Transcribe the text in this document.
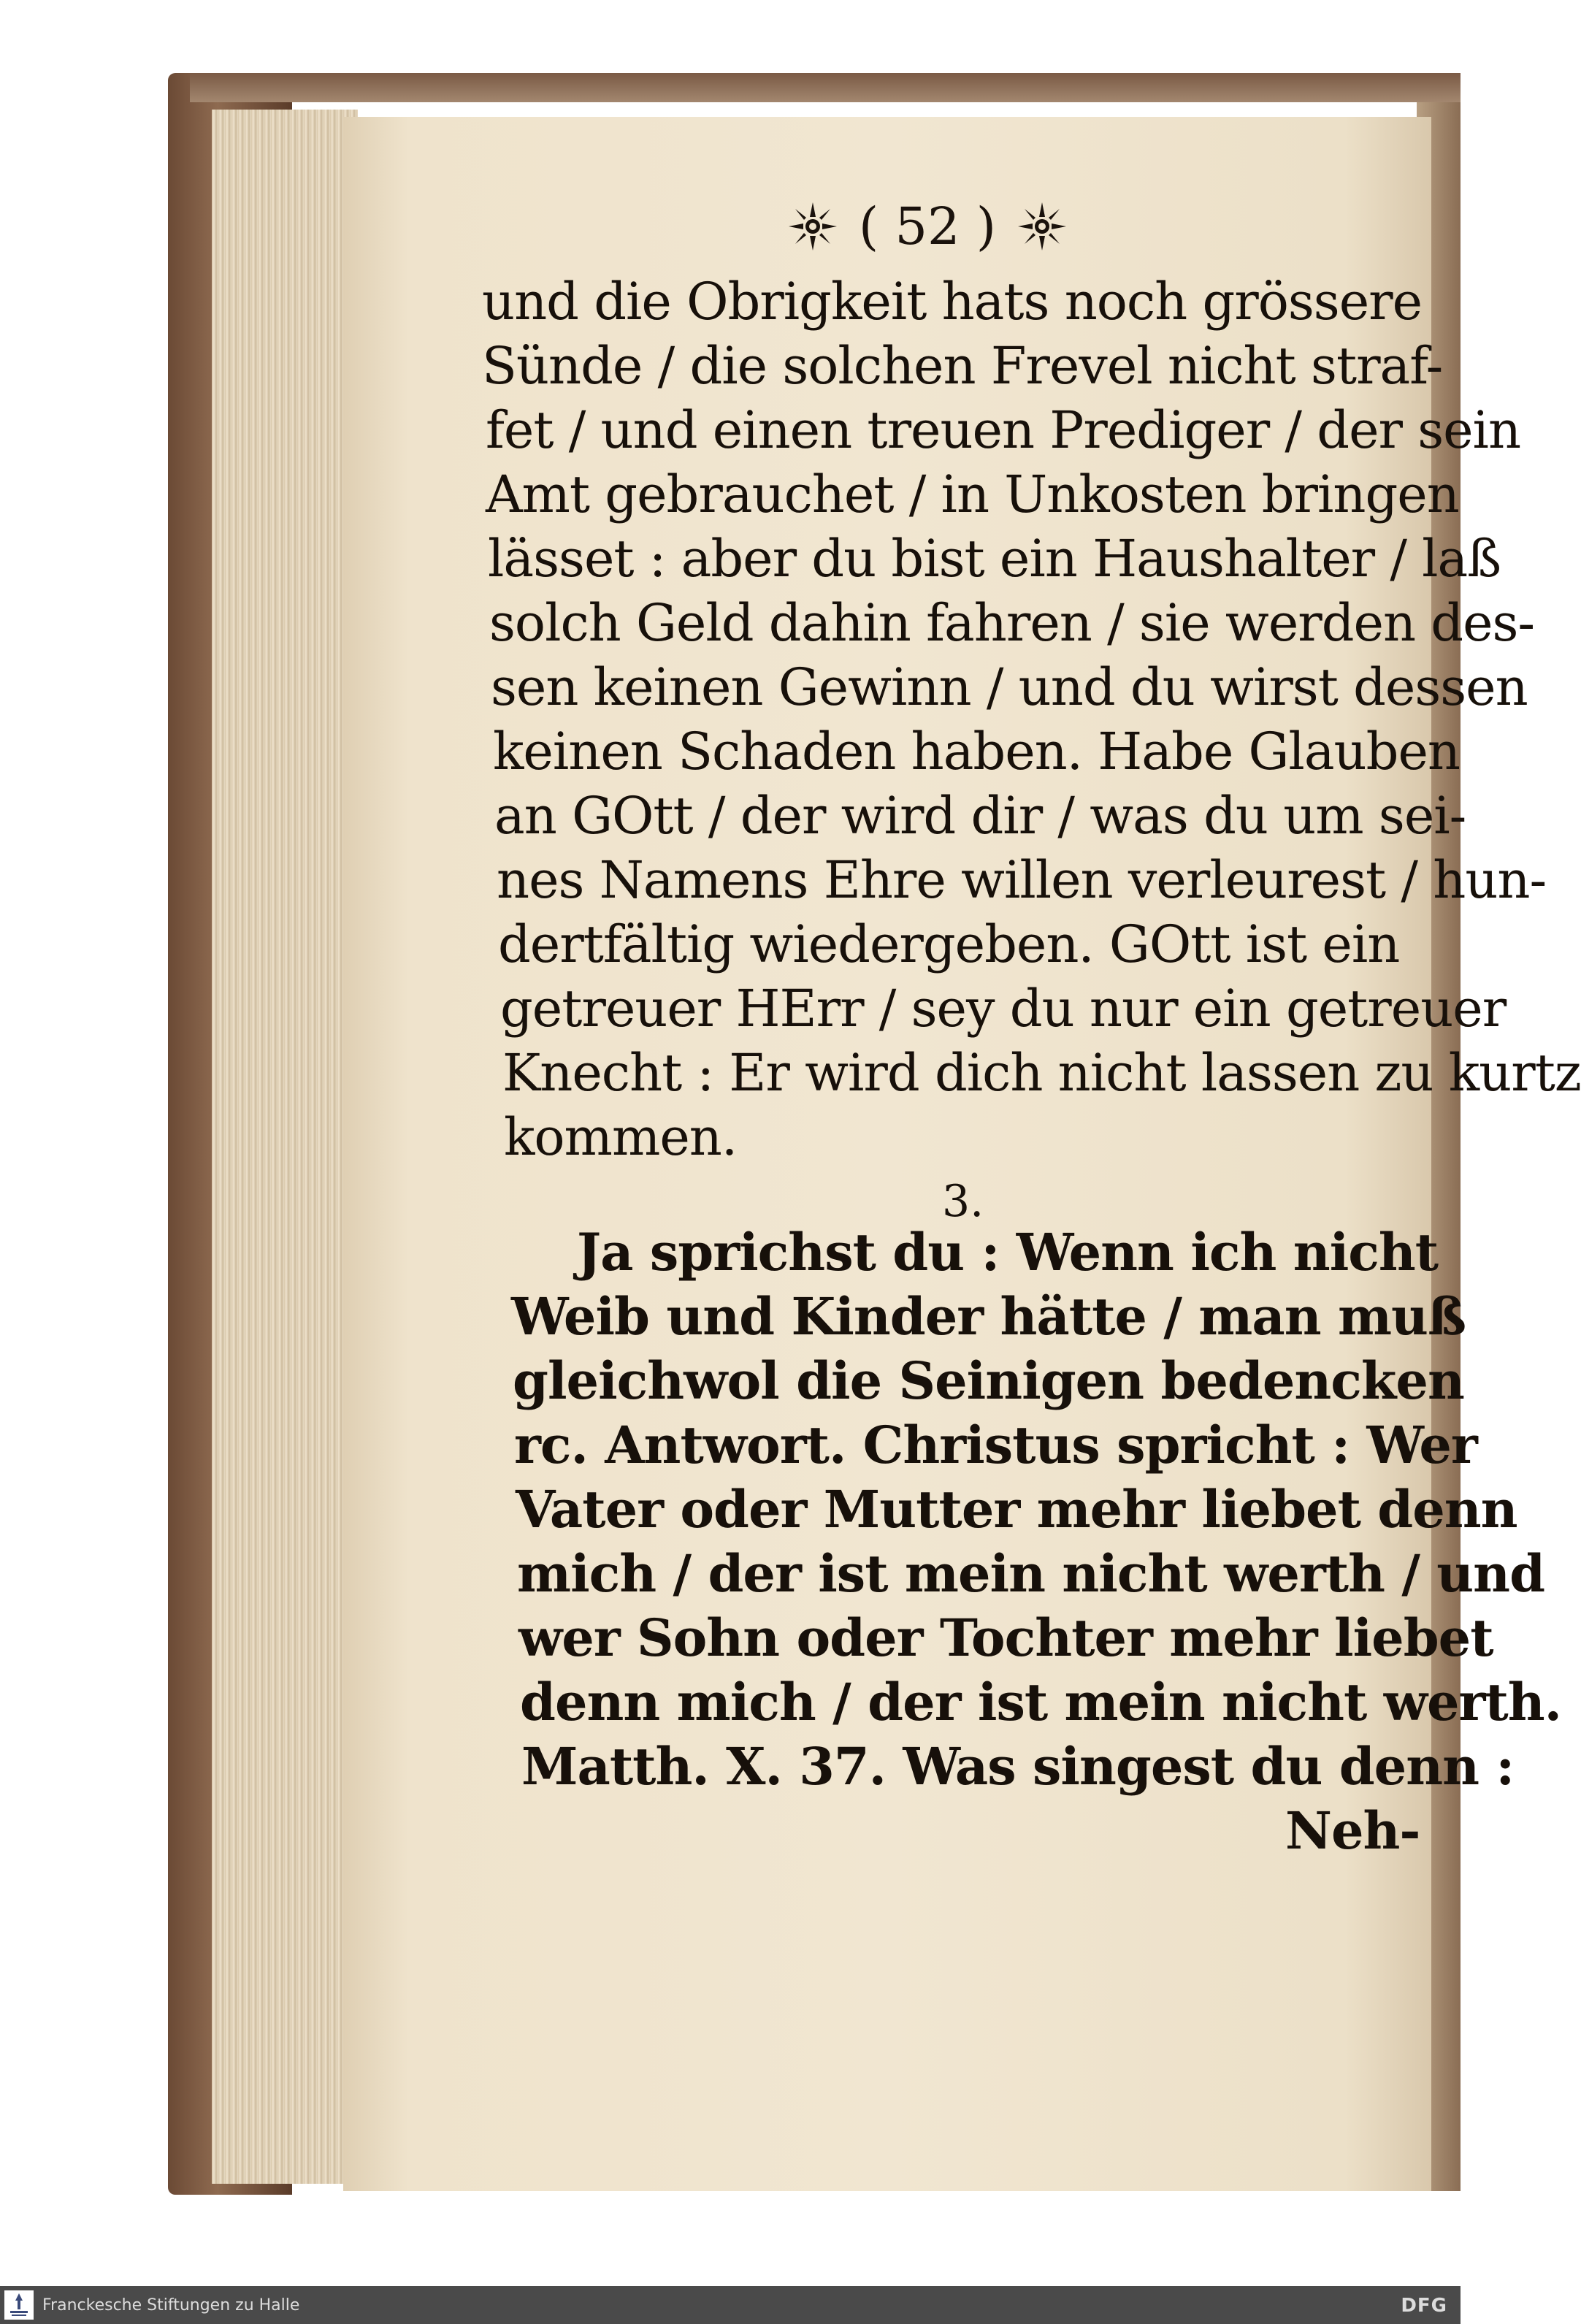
( 52 )
und die Obrigkeit hats noch grössere
Sünde / die solchen Frevel nicht straf-
fet / und einen treuen Prediger / der sein
Amt gebrauchet / in Unkosten bringen
lässet : aber du bist ein Haushalter / laß
solch Geld dahin fahren / sie werden des-
sen keinen Gewinn / und du wirst dessen
keinen Schaden haben. Habe Glauben
an GOtt / der wird dir / was du um sei-
nes Namens Ehre willen verleurest / hun-
dertfältig wiedergeben. GOtt ist ein
getreuer HErr / sey du nur ein getreuer
Knecht : Er wird dich nicht lassen zu kurtz
kommen.
3.
Ja sprichst du : Wenn ich nicht
Weib und Kinder hätte / man muß
gleichwol die Seinigen bedencken
rc. Antwort. Christus spricht : Wer
Vater oder Mutter mehr liebet denn
mich / der ist mein nicht werth / und
wer Sohn oder Tochter mehr liebet
denn mich / der ist mein nicht werth.
Matth. X. 37. Was singest du denn :
Neh-
Franckesche Stiftungen zu Halle	DFG
